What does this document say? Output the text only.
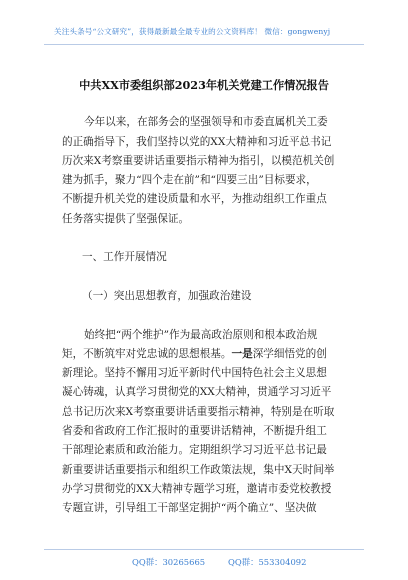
关注头条号“公文研究”，获得最新最全最专业的公文资料库！ 微信：gongwenyj
中共XX市委组织部2023年机关党建工作情况报告

今年以来，在部务会的坚强领导和市委直属机关工委

的正确指导下，我们坚持以党的XX大精神和习近平总书记

历次来X考察重要讲话重要指示精神为指引，以模范机关创

建为抓手，聚力“四个走在前”和“四要三出”目标要求，

不断提升机关党的建设质量和水平，为推动组织工作重点

任务落实提供了坚强保证。

一、工作开展情况

（一）突出思想教育，加强政治建设

始终把“两个维护”作为最高政治原则和根本政治规

矩，不断筑牢对党忠诚的思想根基。一是深学细悟党的创

新理论。坚持不懈用习近平新时代中国特色社会主义思想

凝心铸魂，认真学习贯彻党的XX大精神，贯通学习习近平

总书记历次来X考察重要讲话重要指示精神，特别是在听取

省委和省政府工作汇报时的重要讲话精神，不断提升组工

干部理论素质和政治能力。定期组织学习习近平总书记最

新重要讲话重要指示和组织工作政策法规，集中X天时间举

办学习贯彻党的XX大精神专题学习班，邀请市委党校教授

专题宣讲，引导组工干部坚定拥护“两个确立”、坚决做

QQ群：30265665	QQ群：553304092
